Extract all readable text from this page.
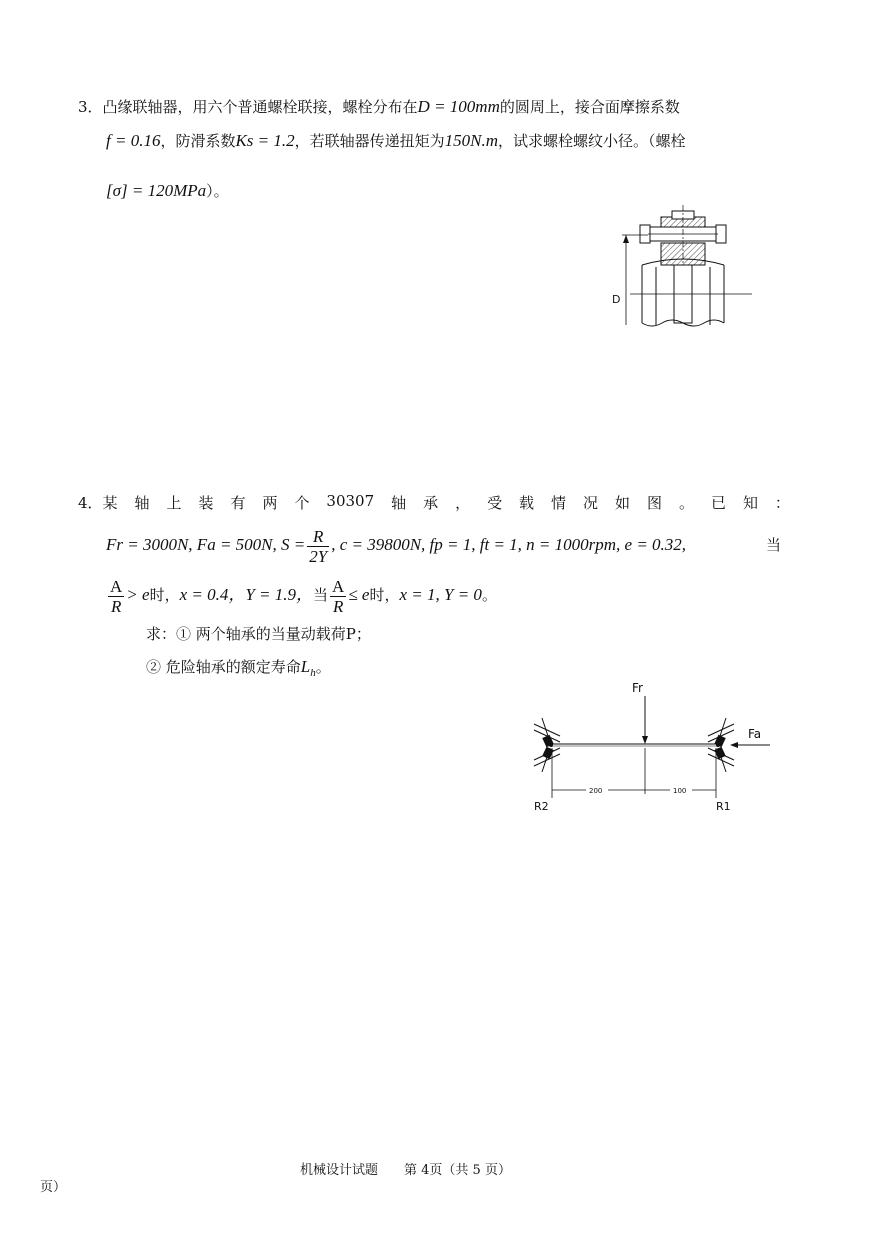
3．凸缘联轴器，用六个普通螺栓联接，螺栓分布在D = 100mm的圆周上，接合面摩擦系数
f = 0.16，防滑系数Ks = 1.2，若联轴器传递扭矩为150N.m，试求螺栓螺纹小径。（螺栓
[σ] = 120MPa）。
D
4．某 轴 上 装 有 两 个 30307 轴 承 ， 受 载 情 况 如 图 。 已 知 ：
Fr = 3000N, Fa = 500N, $S = \frac{R}{2Y}$ , c = 39800N, fp = 1, ft = 1, n = 1000rpm, e = 0.32,	当
$\frac{A}{R} > e$时，x = 0.4，Y = 1.9，当 $\frac{A}{R} \le e$时，x = 1, Y = 0。
求：① 两个轴承的当量动载荷P；
② 危险轴承的额定寿命$L_h$。
Fr
Fa
200	100
R2	R1
机械设计试题 第 4页（共 5 页）
页）
